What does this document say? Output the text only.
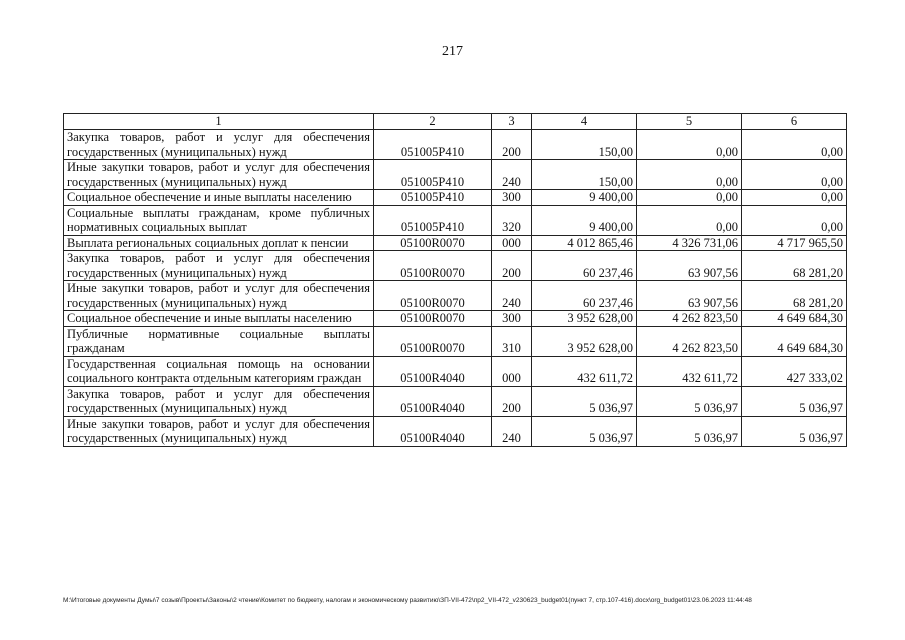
217
1	2	3	4	5	6
Закупка товаров, работ и услуг для обеспечения государственных (муниципальных) нужд	051005P410	200	150,00	0,00	0,00
Иные закупки товаров, работ и услуг для обеспечения государственных (муниципальных) нужд	051005P410	240	150,00	0,00	0,00
Социальное обеспечение и иные выплаты населению	051005P410	300	9 400,00	0,00	0,00
Социальные выплаты гражданам, кроме публичных нормативных социальных выплат	051005P410	320	9 400,00	0,00	0,00
Выплата региональных социальных доплат к пенсии	05100R0070	000	4 012 865,46	4 326 731,06	4 717 965,50
Закупка товаров, работ и услуг для обеспечения государственных (муниципальных) нужд	05100R0070	200	60 237,46	63 907,56	68 281,20
Иные закупки товаров, работ и услуг для обеспечения государственных (муниципальных) нужд	05100R0070	240	60 237,46	63 907,56	68 281,20
Социальное обеспечение и иные выплаты населению	05100R0070	300	3 952 628,00	4 262 823,50	4 649 684,30
Публичные нормативные социальные выплаты гражданам	05100R0070	310	3 952 628,00	4 262 823,50	4 649 684,30
Государственная социальная помощь на основании социального контракта отдельным категориям граждан	05100R4040	000	432 611,72	432 611,72	427 333,02
Закупка товаров, работ и услуг для обеспечения государственных (муниципальных) нужд	05100R4040	200	5 036,97	5 036,97	5 036,97
Иные закупки товаров, работ и услуг для обеспечения государственных (муниципальных) нужд	05100R4040	240	5 036,97	5 036,97	5 036,97
M:\Итоговые документы Думы\7 созыв\Проекты\Законы\2 чтение\Комитет по бюджету, налогам и экономическому развитию\ЗП-VII-472\пр2_VII-472_v230623_budget01(пункт 7, стр.107-416).docx\org_budget01\23.06.2023 11:44:48
